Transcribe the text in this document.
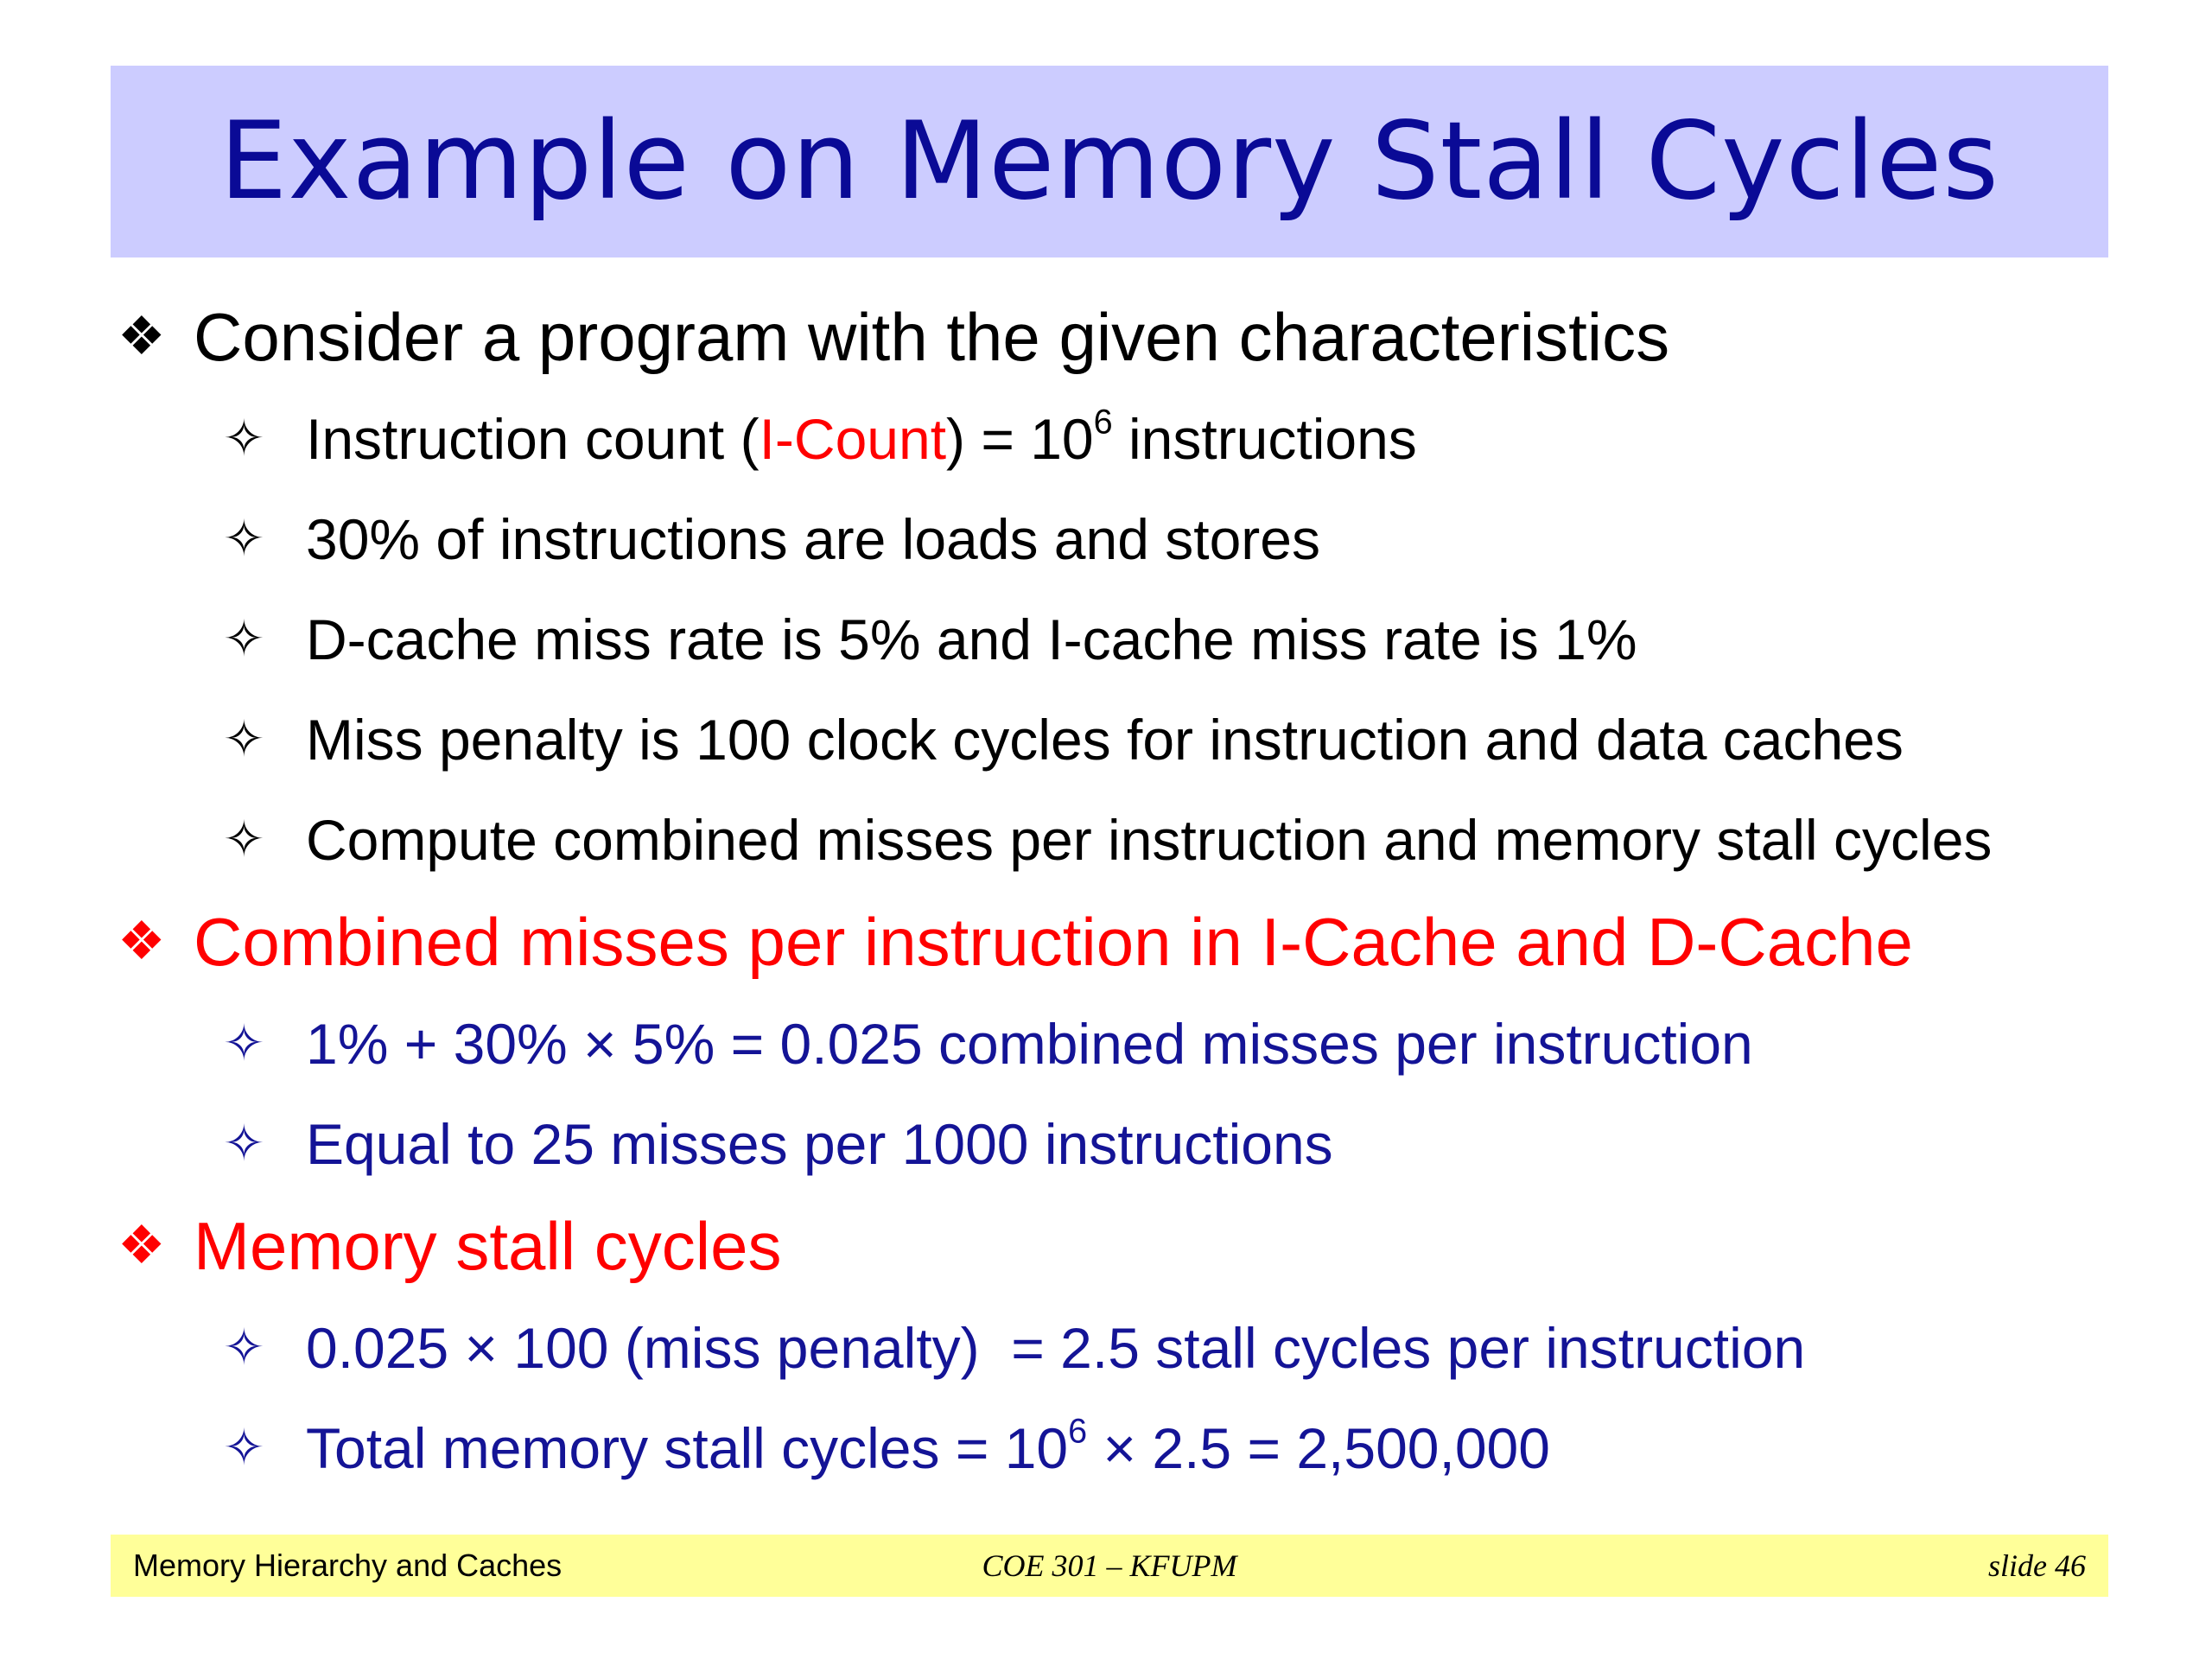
Example on Memory Stall Cycles
❖ Consider a program with the given characteristics
✧ Instruction count (I-Count) = $10^6$ instructions
✧ 30% of instructions are loads and stores
✧ D-cache miss rate is 5% and I-cache miss rate is 1%
✧ Miss penalty is 100 clock cycles for instruction and data caches
✧ Compute combined misses per instruction and memory stall cycles
❖ Combined misses per instruction in I-Cache and D-Cache
✧ 1% + 30% × 5% = 0.025 combined misses per instruction
✧ Equal to 25 misses per 1000 instructions
❖ Memory stall cycles
✧ 0.025 × 100 (miss penalty)  = 2.5 stall cycles per instruction
✧ Total memory stall cycles = $10^6 \times 2.5 = 2,500,000$
Memory Hierarchy and Caches	COE 301 – KFUPM	slide 46
